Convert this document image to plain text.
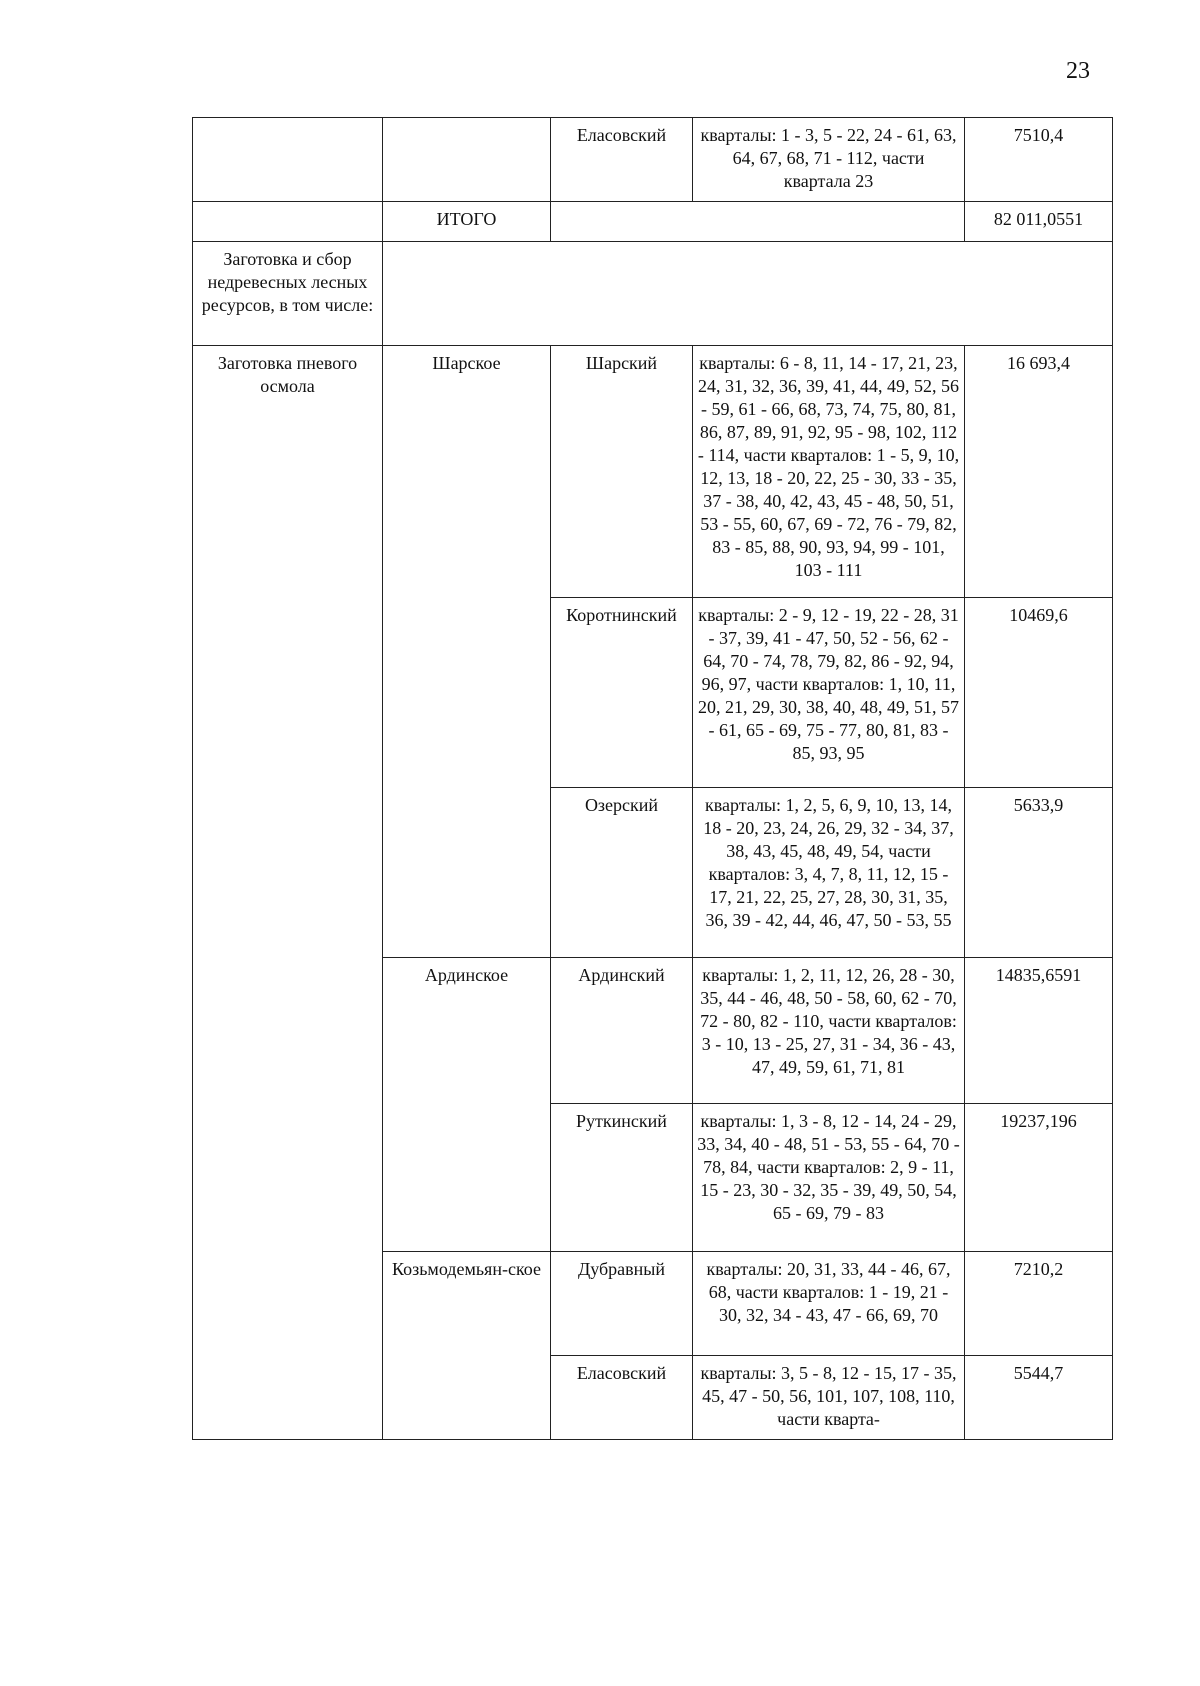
23
		Еласовский	кварталы: 1 - 3, 5 - 22, 24 - 61, 63, 64, 67, 68, 71 - 112, части квартала 23	7510,4
	ИТОГО			82 011,0551
Заготовка и сбор недревесных лесных ресурсов, в том числе:				
Заготовка пневого осмола	Шарское	Шарский	кварталы: 6 - 8, 11, 14 - 17, 21, 23, 24, 31, 32, 36, 39, 41, 44, 49, 52, 56 - 59, 61 - 66, 68, 73, 74, 75, 80, 81, 86, 87, 89, 91, 92, 95 - 98, 102, 112 - 114, части кварталов: 1 - 5, 9, 10, 12, 13, 18 - 20, 22, 25 - 30, 33 - 35, 37 - 38, 40, 42, 43, 45 - 48, 50, 51, 53 - 55, 60, 67, 69 - 72, 76 - 79, 82, 83 - 85, 88, 90, 93, 94, 99 - 101, 103 - 111	16 693,4
		Коротнинский	кварталы: 2 - 9, 12 - 19, 22 - 28, 31 - 37, 39, 41 - 47, 50, 52 - 56, 62 - 64, 70 - 74, 78, 79, 82, 86 - 92, 94, 96, 97, части кварталов: 1, 10, 11, 20, 21, 29, 30, 38, 40, 48, 49, 51, 57 - 61, 65 - 69, 75 - 77, 80, 81, 83 - 85, 93, 95	10469,6
		Озерский	кварталы: 1, 2, 5, 6, 9, 10, 13, 14, 18 - 20, 23, 24, 26, 29, 32 - 34, 37, 38, 43, 45, 48, 49, 54, части кварталов: 3, 4, 7, 8, 11, 12, 15 - 17, 21, 22, 25, 27, 28, 30, 31, 35, 36, 39 - 42, 44, 46, 47, 50 - 53, 55	5633,9
	Ардинское	Ардинский	кварталы: 1, 2, 11, 12, 26, 28 - 30, 35, 44 - 46, 48, 50 - 58, 60, 62 - 70, 72 - 80, 82 - 110, части кварталов: 3 - 10, 13 - 25, 27, 31 - 34, 36 - 43, 47, 49, 59, 61, 71, 81	14835,6591
		Руткинский	кварталы: 1, 3 - 8, 12 - 14, 24 - 29, 33, 34, 40 - 48, 51 - 53, 55 - 64, 70 - 78, 84, части кварталов: 2, 9 - 11, 15 - 23, 30 - 32, 35 - 39, 49, 50, 54, 65 - 69, 79 - 83	19237,196
	Козьмодемьян-ское	Дубравный	кварталы: 20, 31, 33, 44 - 46, 67, 68, части кварталов: 1 - 19, 21 - 30, 32, 34 - 43, 47 - 66, 69, 70	7210,2
		Еласовский	кварталы: 3, 5 - 8, 12 - 15, 17 - 35, 45, 47 - 50, 56, 101, 107, 108, 110, части квартa-	5544,7
